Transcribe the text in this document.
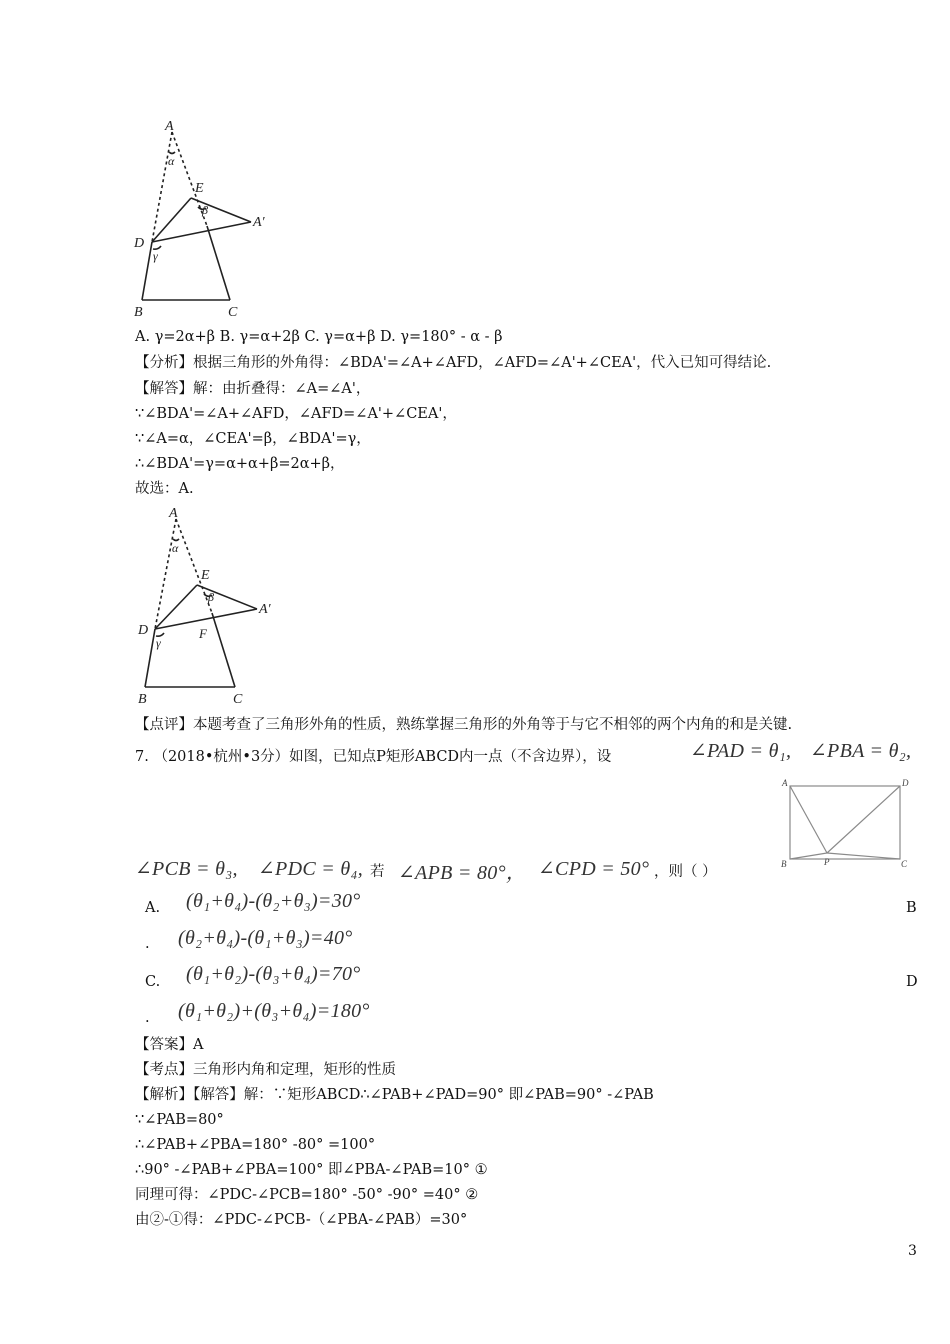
A
α
E
β
A′
D
γ
B	C
A. γ=2α+β B. γ=α+2β C. γ=α+β D. γ=180° - α - β
【分析】根据三角形的外角得：∠BDA'=∠A+∠AFD，∠AFD=∠A'+∠CEA'，代入已知可得结论.
【解答】解：由折叠得：∠A=∠A'，
∵∠BDA'=∠A+∠AFD，∠AFD=∠A'+∠CEA'，
∵∠A=α，∠CEA'=β，∠BDA'=γ，
∴∠BDA'=γ=α+α+β=2α+β，
故选：A.
A
α
E
β
A′
D
γ
F
B	C
【点评】本题考查了三角形外角的性质，熟练掌握三角形的外角等于与它不相邻的两个内角的和是关键.
7. （2018•杭州•3分）如图，已知点P矩形ABCD内一点（不含边界），设	∠PAD = θ₁, ∠PBA = θ₂,
A	D
B	P	C
∠PCB = θ₃, ∠PDC = θ₄, 若 ∠APB = 80°， ∠CPD = 50° ，则（ ）
A. (θ₁+θ₄)-(θ₂+θ₃)=30°	B
. (θ₂+θ₄)-(θ₁+θ₃)=40°
C. (θ₁+θ₂)-(θ₃+θ₄)=70°	D
. (θ₁+θ₂)+(θ₃+θ₄)=180°
【答案】A
【考点】三角形内角和定理，矩形的性质
【解析】【解答】解：∵矩形ABCD∴∠PAB+∠PAD=90° 即∠PAB=90° -∠PAB
∵∠PAB=80°
∴∠PAB+∠PBA=180° -80° =100°
∴90° -∠PAB+∠PBA=100° 即∠PBA-∠PAB=10° ①
同理可得：∠PDC-∠PCB=180° -50° -90° =40° ②
由②-①得：∠PDC-∠PCB-（∠PBA-∠PAB）=30°
3
